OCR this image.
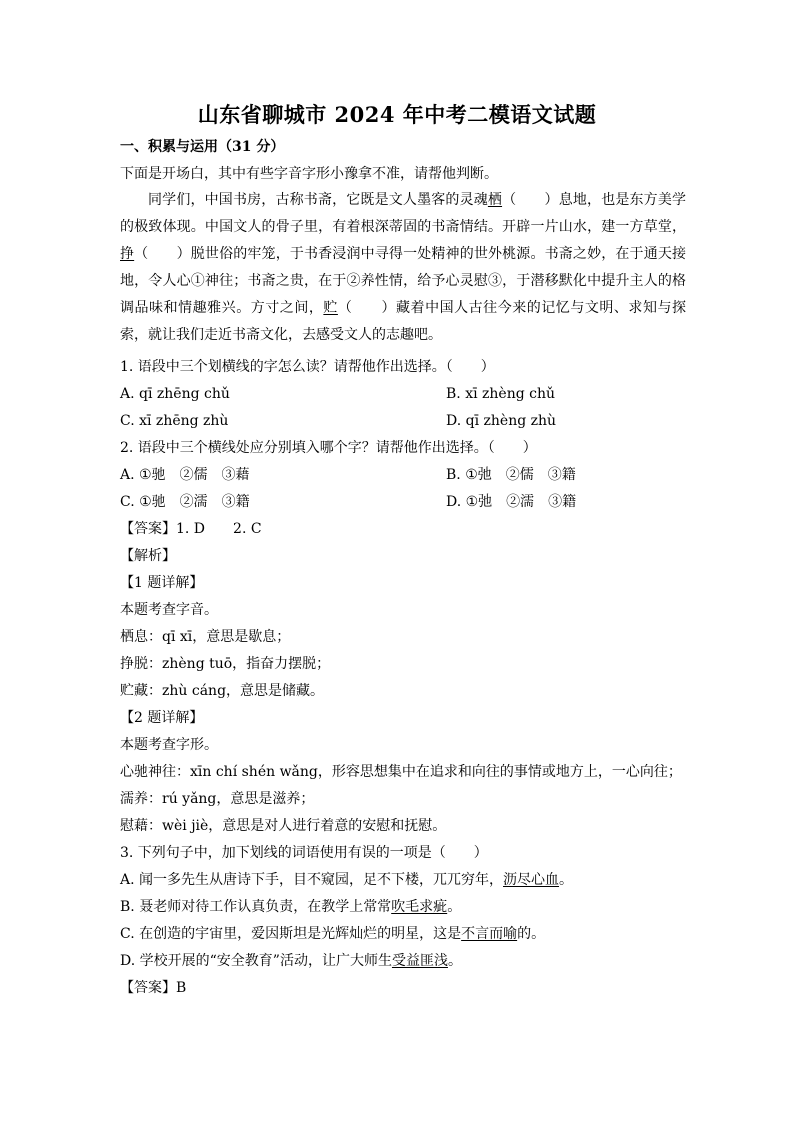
山东省聊城市 2024 年中考二模语文试题
一、积累与运用（31 分）
下面是开场白，其中有些字音字形小豫拿不准，请帮他判断。
同学们，中国书房，古称书斋，它既是文人墨客的灵魂栖（　　）息地，也是东方美学的极致体现。中国文人的骨子里，有着根深蒂固的书斋情结。开辟一片山水，建一方草堂，挣（　　）脱世俗的牢笼，于书香浸润中寻得一处精神的世外桃源。书斋之妙，在于通天接地，令人心①神往；书斋之贵，在于②养性情，给予心灵慰③，于潜移默化中提升主人的格调品味和情趣雅兴。方寸之间，贮（　　）藏着中国人古往今来的记忆与文明、求知与探索，就让我们走近书斋文化，去感受文人的志趣吧。
1. 语段中三个划横线的字怎么读？请帮他作出选择。（　　）
A. qī zhēng chǔ	B. xī zhèng chǔ
C. xī zhēng zhù	D. qī zhèng zhù
2. 语段中三个横线处应分别填入哪个字？请帮他作出选择。（　　）
A. ①驰　②儒　③藉	B. ①弛　②儒　③籍
C. ①驰　②濡　③籍	D. ①弛　②濡　③籍
【答案】1. D　　2. C
【解析】
【1 题详解】
本题考查字音。
栖息：qī xī，意思是歇息；
挣脱：zhèng tuō，指奋力摆脱；
贮藏：zhù cáng，意思是储藏。
【2 题详解】
本题考查字形。
心驰神往：xīn chí shén wǎng，形容思想集中在追求和向往的事情或地方上，一心向往；
濡养：rú yǎng，意思是滋养；
慰藉：wèi jiè，意思是对人进行着意的安慰和抚慰。
3. 下列句子中，加下划线的词语使用有误的一项是（　　）
A. 闻一多先生从唐诗下手，目不窥园，足不下楼，兀兀穷年，沥尽心血。
B. 聂老师对待工作认真负责，在教学上常常吹毛求疵。
C. 在创造的宇宙里，爱因斯坦是光辉灿烂的明星，这是不言而喻的。
D. 学校开展的“安全教育”活动，让广大师生受益匪浅。
【答案】B
